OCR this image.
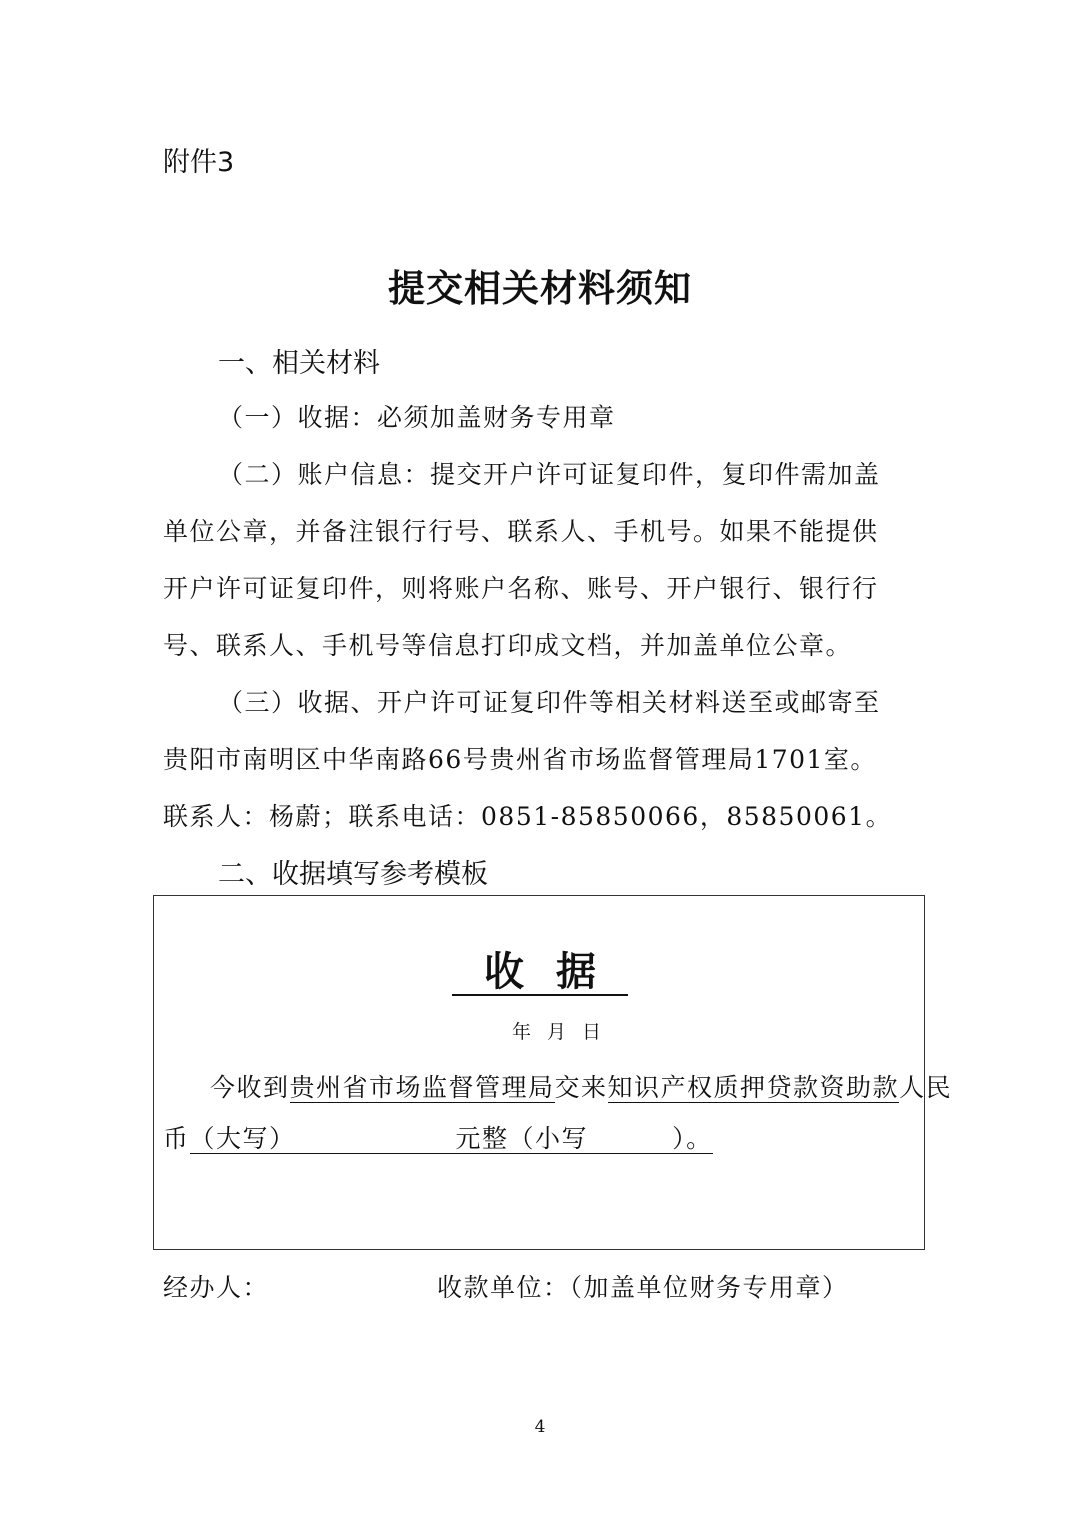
附件3
提交相关材料须知
一、相关材料
（一）收据：必须加盖财务专用章
（二）账户信息：提交开户许可证复印件，复印件需加盖
单位公章，并备注银行行号、联系人、手机号。如果不能提供
开户许可证复印件，则将账户名称、账号、开户银行、银行行
号、联系人、手机号等信息打印成文档，并加盖单位公章。
（三）收据、开户许可证复印件等相关材料送至或邮寄至
贵阳市南明区中华南路66号贵州省市场监督管理局1701室。
联系人：杨蔚；联系电话：0851-85850066，85850061。
二、收据填写参考模板
收据
年月日
今收到贵州省市场监督管理局交来知识产权质押贷款资助款人民
币（大写）	元整（小写	）。
经办人：	收款单位：（加盖单位财务专用章）
4
